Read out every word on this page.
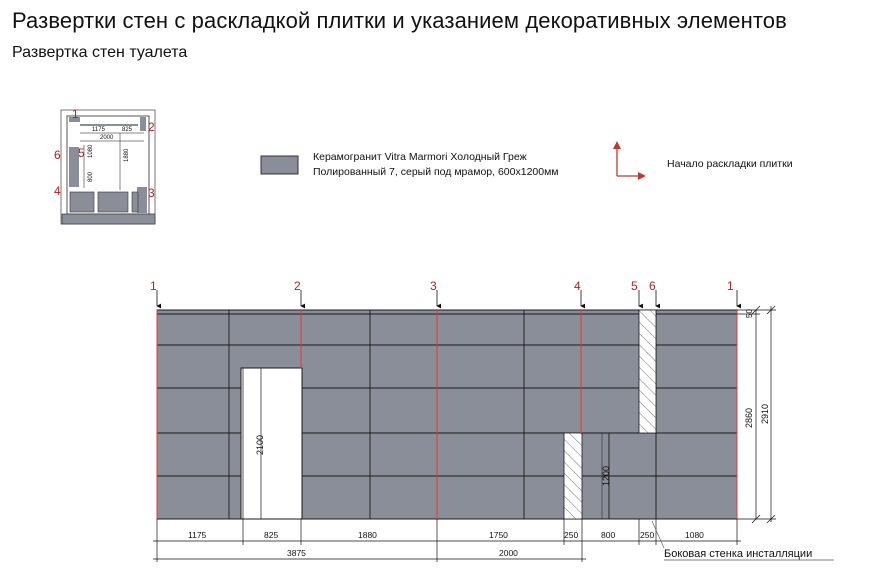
Развертки стен с раскладкой плитки и указанием декоративных элементов
Развертка стен туалета
1175	825
2000
1080
800
1880
1
2
3
4
5
6	Керамогранит Vitra Marmori Холодный Греж
Полированный 7, серый под мрамор, 600x1200мм
Начало раскладки плитки
2100
1200
1	2	3	4	5 6	1
50
2860 2910
1175	825	1880	1750	250	800	250	1080
3875	2000	Боковая стенка инсталляции
